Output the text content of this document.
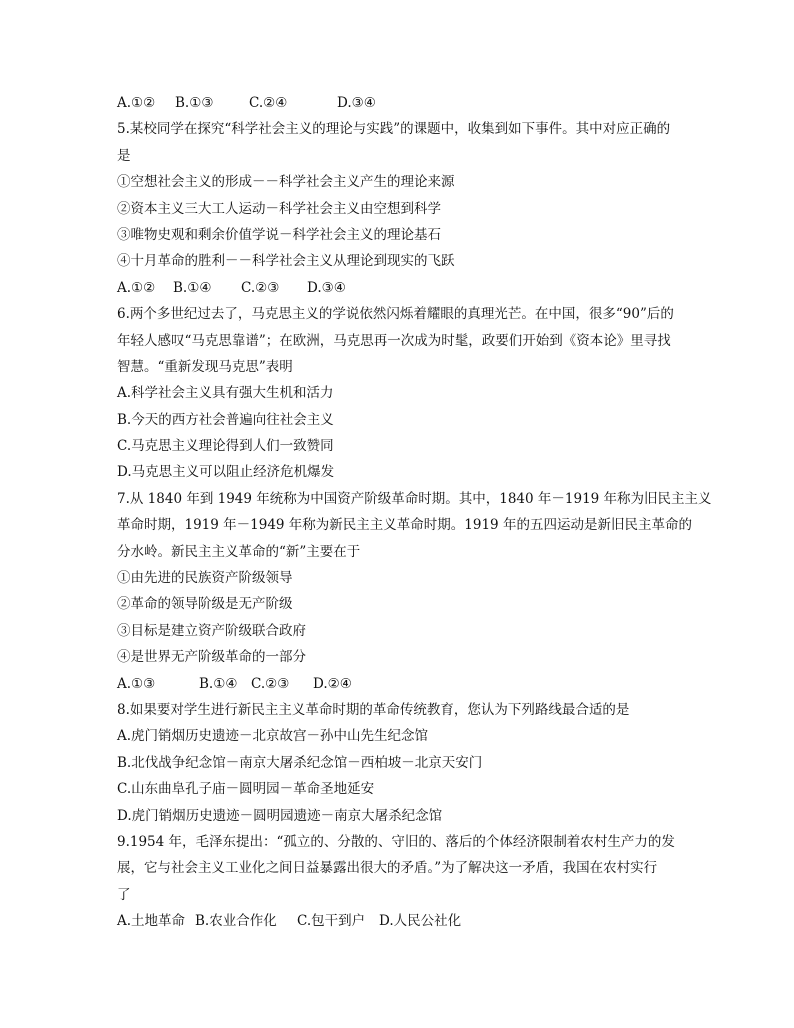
A.①② B.①③	C.②④	D.③④
5.某校同学在探究“科学社会主义的理论与实践”的课题中，收集到如下事件。其中对应正确的
是
①空想社会主义的形成－－科学社会主义产生的理论来源
②资本主义三大工人运动－科学社会主义由空想到科学
③唯物史观和剩余价值学说－科学社会主义的理论基石
④十月革命的胜利－－科学社会主义从理论到现实的飞跃
A.①② B.①④ C.②③ D.③④
6.两个多世纪过去了，马克思主义的学说依然闪烁着耀眼的真理光芒。在中国，很多“90”后的
年轻人感叹“马克思靠谱”；在欧洲，马克思再一次成为时髦，政要们开始到《资本论》里寻找
智慧。“重新发现马克思”表明
A.科学社会主义具有强大生机和活力
B.今天的西方社会普遍向往社会主义
C.马克思主义理论得到人们一致赞同
D.马克思主义可以阻止经济危机爆发
7.从 1840 年到 1949 年统称为中国资产阶级革命时期。其中，1840 年－1919 年称为旧民主主义
革命时期，1919 年－1949 年称为新民主主义革命时期。1919 年的五四运动是新旧民主革命的
分水岭。新民主主义革命的“新”主要在于
①由先进的民族资产阶级领导
②革命的领导阶级是无产阶级
③目标是建立资产阶级联合政府
④是世界无产阶级革命的一部分
A.①③	B.①④ C.②③ D.②④
8.如果要对学生进行新民主主义革命时期的革命传统教育，您认为下列路线最合适的是
A.虎门销烟历史遗迹－北京故宫－孙中山先生纪念馆
B.北伐战争纪念馆－南京大屠杀纪念馆－西柏坡－北京天安门
C.山东曲阜孔子庙－圆明园－革命圣地延安
D.虎门销烟历史遗迹－圆明园遗迹－南京大屠杀纪念馆
9.1954 年，毛泽东提出：“孤立的、分散的、守旧的、落后的个体经济限制着农村生产力的发
展，它与社会主义工业化之间日益暴露出很大的矛盾。”为了解决这一矛盾，我国在农村实行
了
A.土地革命 B.农业合作化 C.包干到户 D.人民公社化
